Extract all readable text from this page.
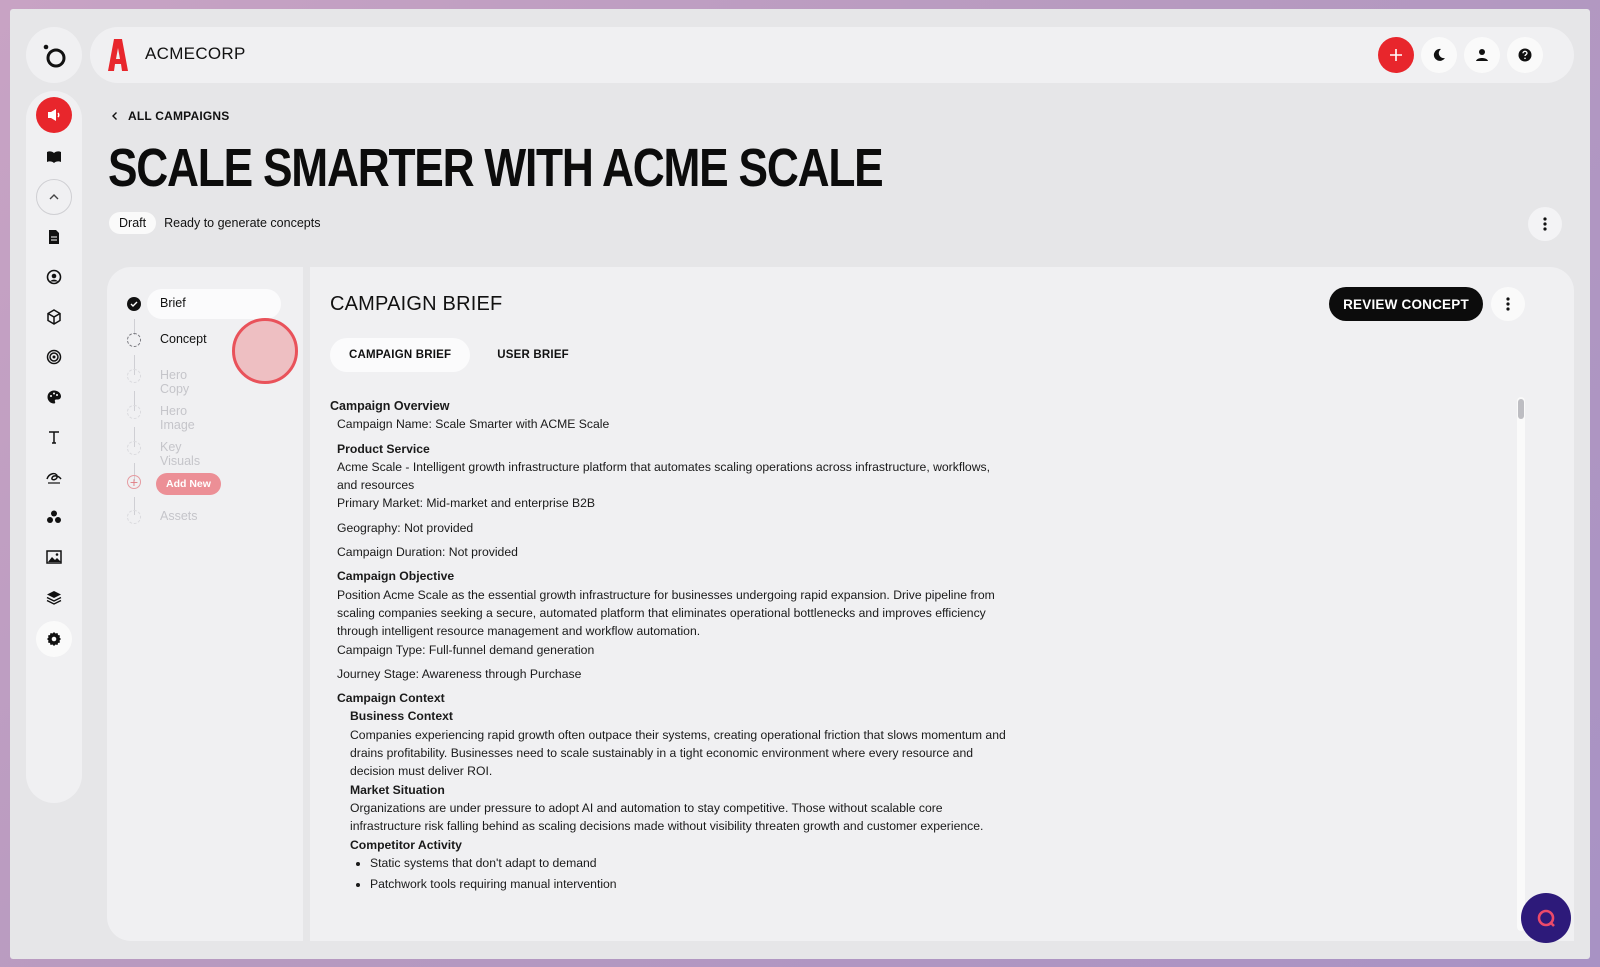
ACMECORP
ALL CAMPAIGNS
SCALE SMARTER WITH ACME SCALE
Draft	Ready to generate concepts
Brief
Concept
Hero Copy
Hero Image
Key Visuals
+	Add New
Assets
CAMPAIGN BRIEF	REVIEW CONCEPT
CAMPAIGN BRIEF	USER BRIEF
Campaign Overview
Campaign Name: Scale Smarter with ACME Scale
Product Service
Acme Scale - Intelligent growth infrastructure platform that automates scaling operations across infrastructure, workflows, and resources
Primary Market: Mid-market and enterprise B2B
Geography: Not provided
Campaign Duration: Not provided
Campaign Objective
Position Acme Scale as the essential growth infrastructure for businesses undergoing rapid expansion. Drive pipeline from scaling companies seeking a secure, automated platform that eliminates operational bottlenecks and improves efficiency through intelligent resource management and workflow automation.
Campaign Type: Full-funnel demand generation
Journey Stage: Awareness through Purchase
Campaign Context
Business Context
Companies experiencing rapid growth often outpace their systems, creating operational friction that slows momentum and drains profitability. Businesses need to scale sustainably in a tight economic environment where every resource and decision must deliver ROI.
Market Situation
Organizations are under pressure to adopt AI and automation to stay competitive. Those without scalable core infrastructure risk falling behind as scaling decisions made without visibility threaten growth and customer experience.
Competitor Activity
• Static systems that don't adapt to demand
• Patchwork tools requiring manual intervention
